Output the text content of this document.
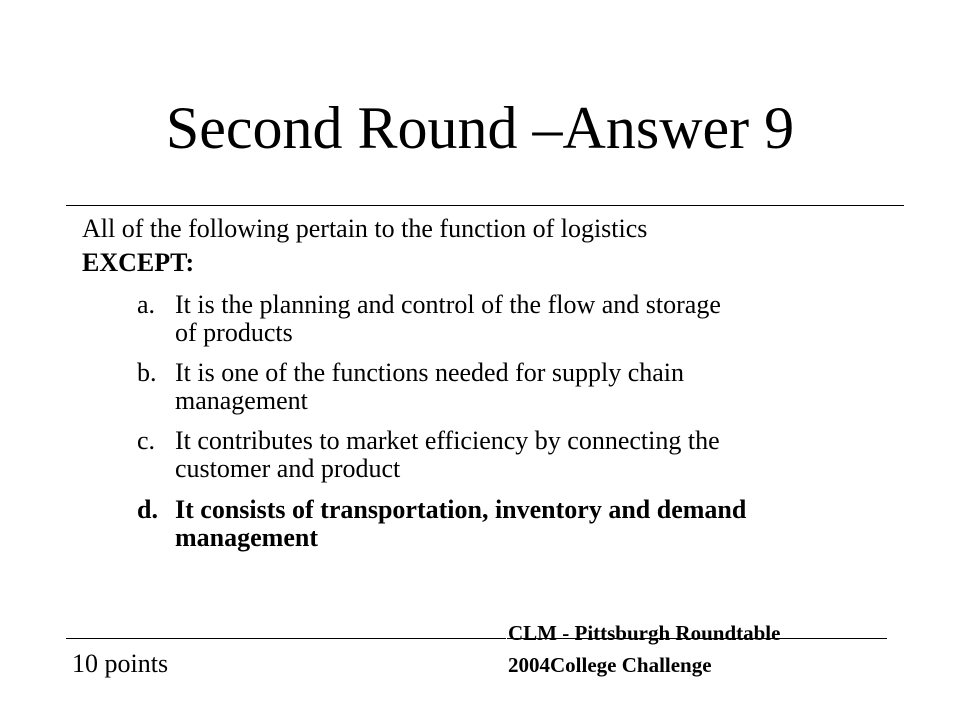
Second Round –Answer 9
All of the following pertain to the function of logistics
EXCEPT:
a. It is the planning and control of the flow and storage
of products
b. It is one of the functions needed for supply chain
management
c. It contributes to market efficiency by connecting the
customer and product
d. It consists of transportation, inventory and demand
management
10 points
CLM - Pittsburgh Roundtable
2004College Challenge
